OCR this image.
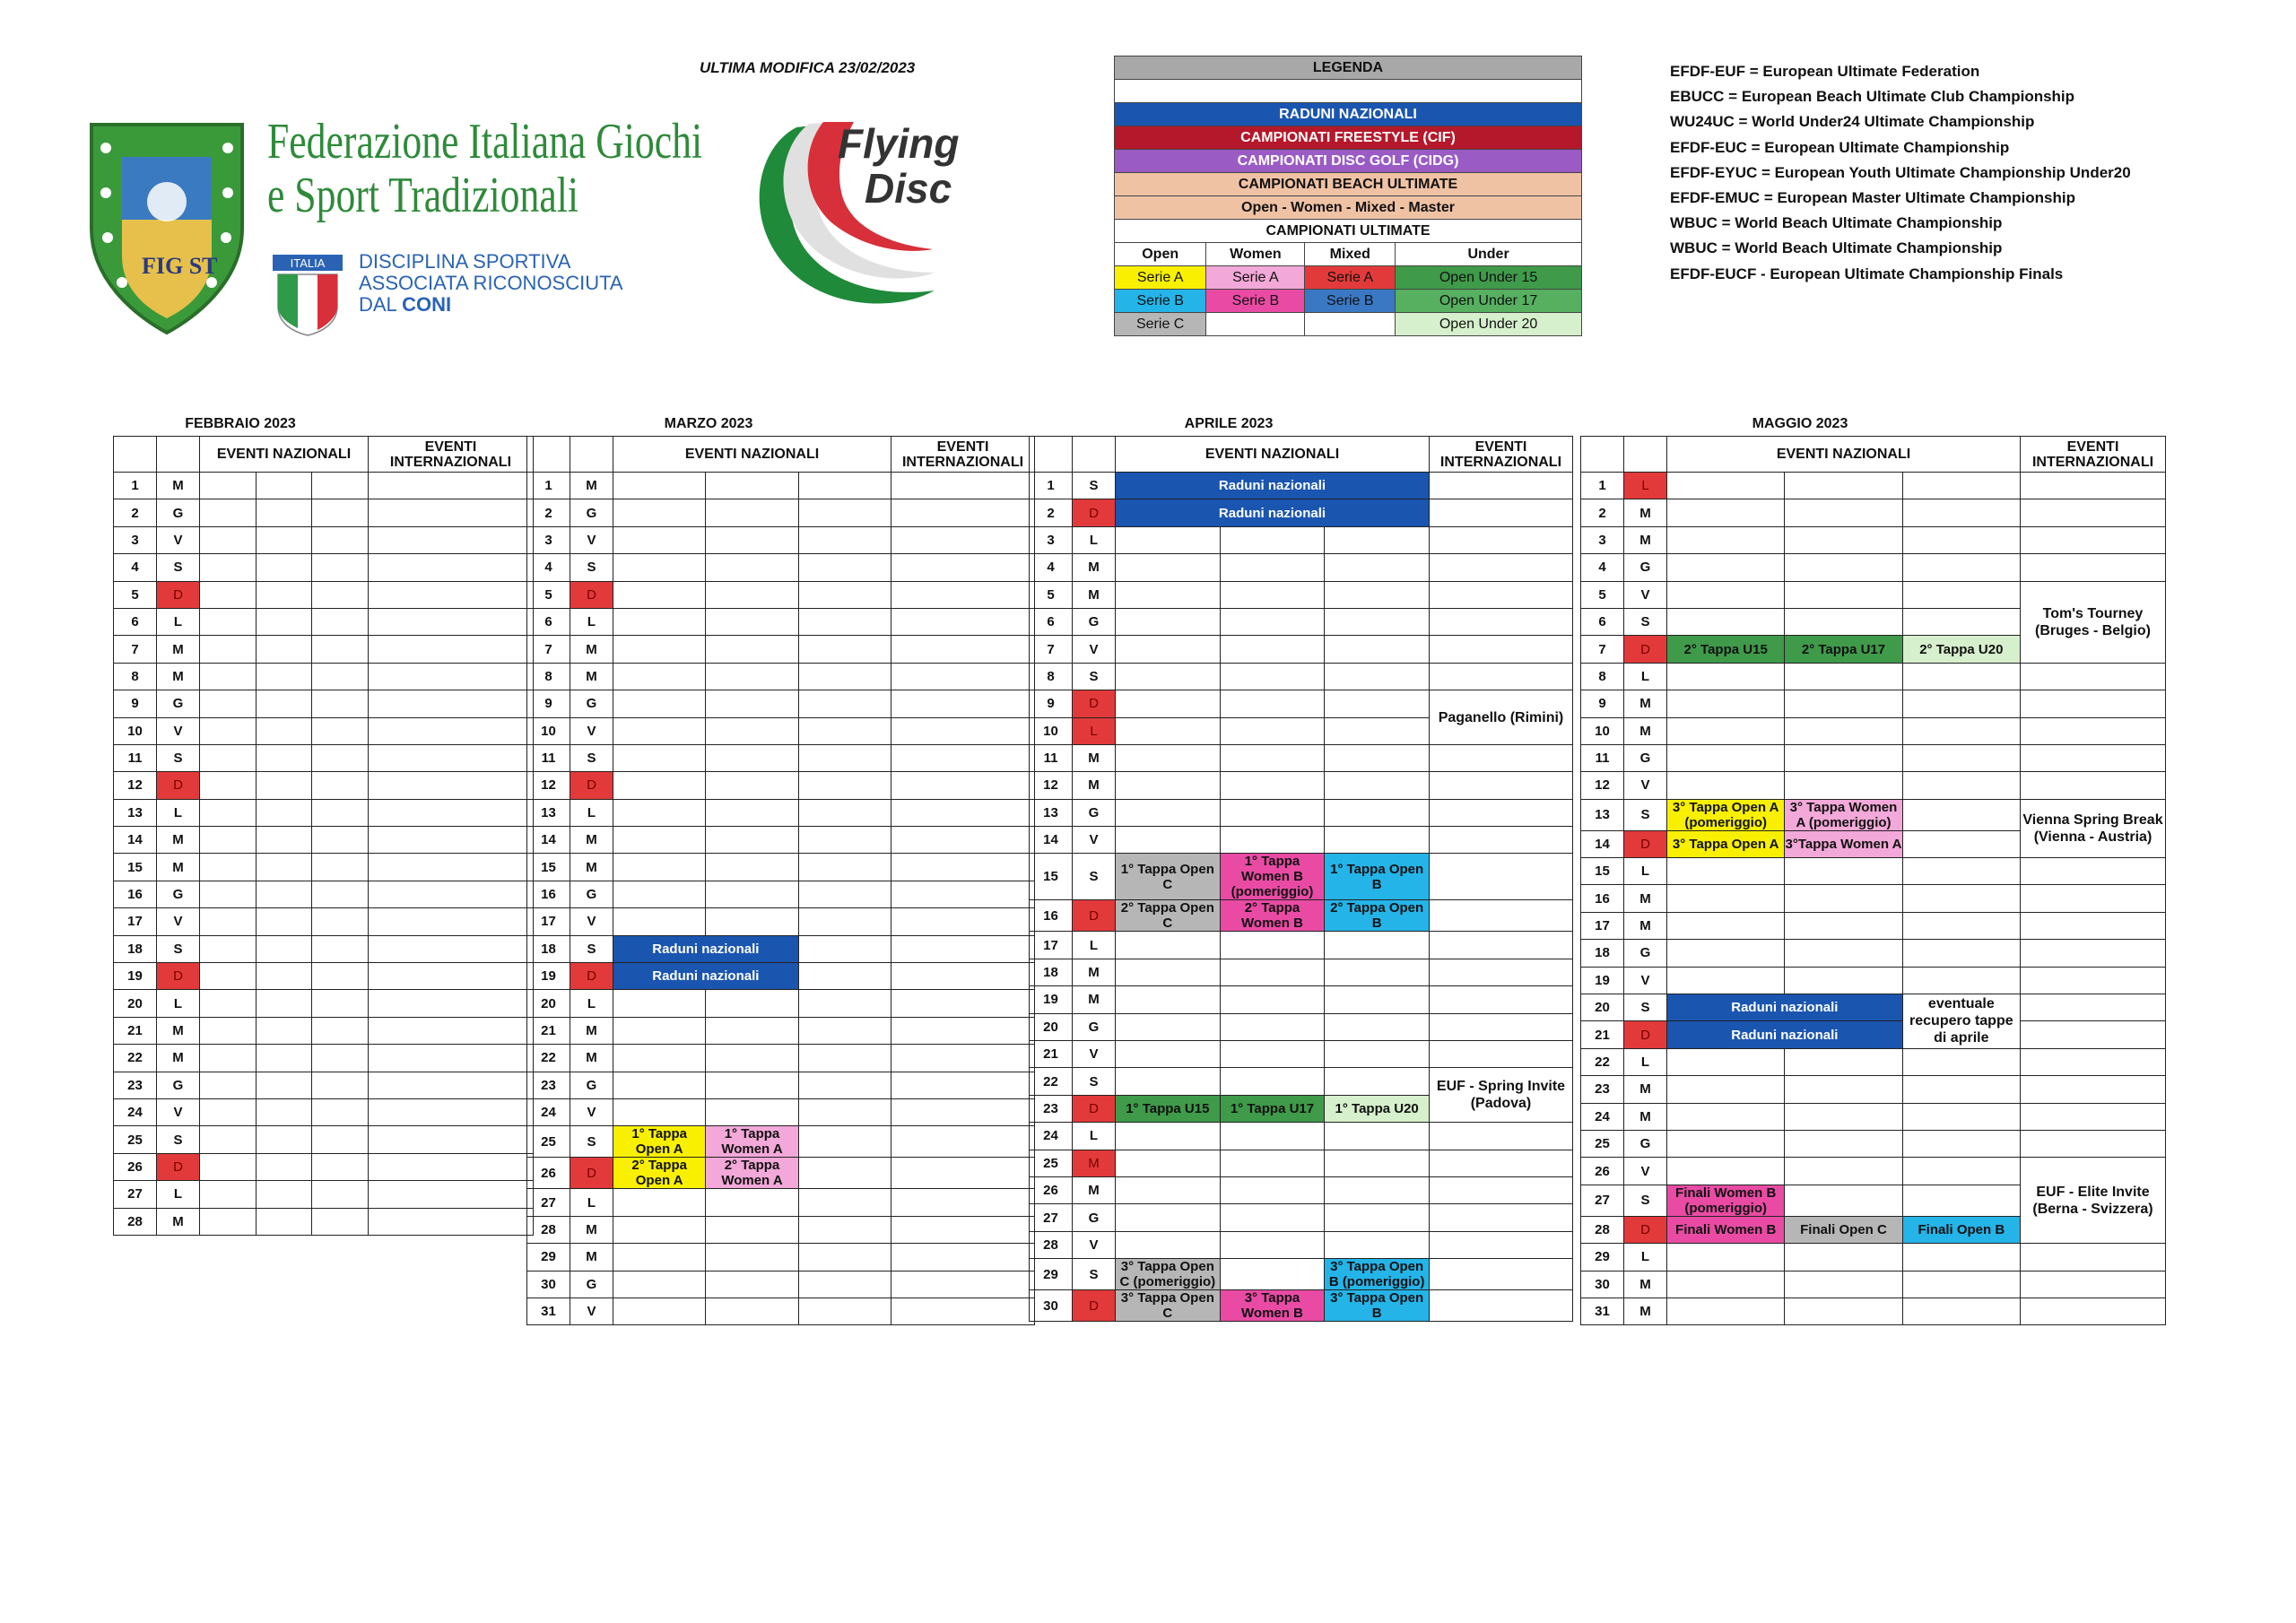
ULTIMA MODIFICA 23/02/2023
FIG ST
Federazione Italiana Giochi
e Sport Tradizionali
ITALIA DISCIPLINA SPORTIVA
ASSOCIATA RICONOSCIUTA
DAL CONI
Flying
Disc
LEGENDA			

RADUNI NAZIONALI			
CAMPIONATI FREESTYLE (CIF)			
CAMPIONATI DISC GOLF (CIDG)			
CAMPIONATI BEACH ULTIMATE			
Open - Women - Mixed - Master			
CAMPIONATI ULTIMATE			
Open	Women	Mixed	Under
Serie A	Serie A	Serie A	Open Under 15
Serie B	Serie B	Serie B	Open Under 17
Serie C			Open Under 20
EFDF-EUF = European Ultimate Federation
EBUCC = European Beach Ultimate Club Championship
WU24UC = World Under24 Ultimate Championship
EFDF-EUC = European Ultimate Championship
EFDF-EYUC = European Youth Ultimate Championship Under20
EFDF-EMUC = European Master Ultimate Championship
WBUC = World Beach Ultimate Championship
WBUC = World Beach Ultimate Championship
EFDF-EUCF - European Ultimate Championship Finals
FEBBRAIO 2023
		EVENTI NAZIONALI			EVENTI INTERNAZIONALI
1	M				
2	G				
3	V				
4	S				
5	D				
6	L				
7	M				
8	M				
9	G				
10	V				
11	S				
12	D				
13	L				
14	M				
15	M				
16	G				
17	V				
18	S				
19	D				
20	L				
21	M				
22	M				
23	G				
24	V				
25	S				
26	D				
27	L				
28	M				
MARZO 2023
		EVENTI NAZIONALI			EVENTI INTERNAZIONALI
1	M				
2	G				
3	V				
4	S				
5	D				
6	L				
7	M				
8	M				
9	G				
10	V				
11	S				
12	D				
13	L				
14	M				
15	M				
16	G				
17	V				
18	S	Raduni nazionali			
19	D	Raduni nazionali			
20	L				
21	M				
22	M				
23	G				
24	V				
25	S	1° Tappa Open A	1° Tappa Women A		
26	D	2° Tappa Open A	2° Tappa Women A		
27	L				
28	M				
29	M				
30	G				
31	V				
APRILE 2023
		EVENTI NAZIONALI			EVENTI INTERNAZIONALI
1	S	Raduni nazionali			
2	D	Raduni nazionali			
3	L				
4	M				
5	M				
6	G				
7	V				
8	S				
9	D				Paganello (Rimini)
10	L				
11	M				
12	M				
13	G				
14	V				
15	S	1° Tappa Open C	1° Tappa Women B (pomeriggio)	1° Tappa Open B	
16	D	2° Tappa Open C	2° Tappa Women B	2° Tappa Open B	
17	L				
18	M				
19	M				
20	G				
21	V				
22	S				EUF - Spring Invite (Padova)
23	D	1° Tappa U15	1° Tappa U17	1° Tappa U20	
24	L				
25	M				
26	M				
27	G				
28	V				
29	S	3° Tappa Open C (pomeriggio)		3° Tappa Open B (pomeriggio)	
30	D	3° Tappa Open C	3° Tappa Women B	3° Tappa Open B	
MAGGIO 2023
		EVENTI NAZIONALI			EVENTI INTERNAZIONALI
1	L				
2	M				
3	M				
4	G				
5	V				Tom's Tourney (Bruges - Belgio)
6	S				
7	D	2° Tappa U15	2° Tappa U17	2° Tappa U20	
8	L				
9	M				
10	M				
11	G				
12	V				
13	S	3° Tappa Open A (pomeriggio)	3° Tappa Women A (pomeriggio)		Vienna Spring Break (Vienna - Austria)
14	D	3° Tappa Open A	3°Tappa Women A		
15	L				
16	M				
17	M				
18	G				
19	V				
20	S	Raduni nazionali		eventuale recupero tappe di aprile	
21	D	Raduni nazionali			
22	L				
23	M				
24	M				
25	G				
26	V				EUF - Elite Invite (Berna - Svizzera)
27	S	Finali Women B (pomeriggio)			
28	D	Finali Women B	Finali Open C	Finali Open B	
29	L				
30	M				
31	M				
